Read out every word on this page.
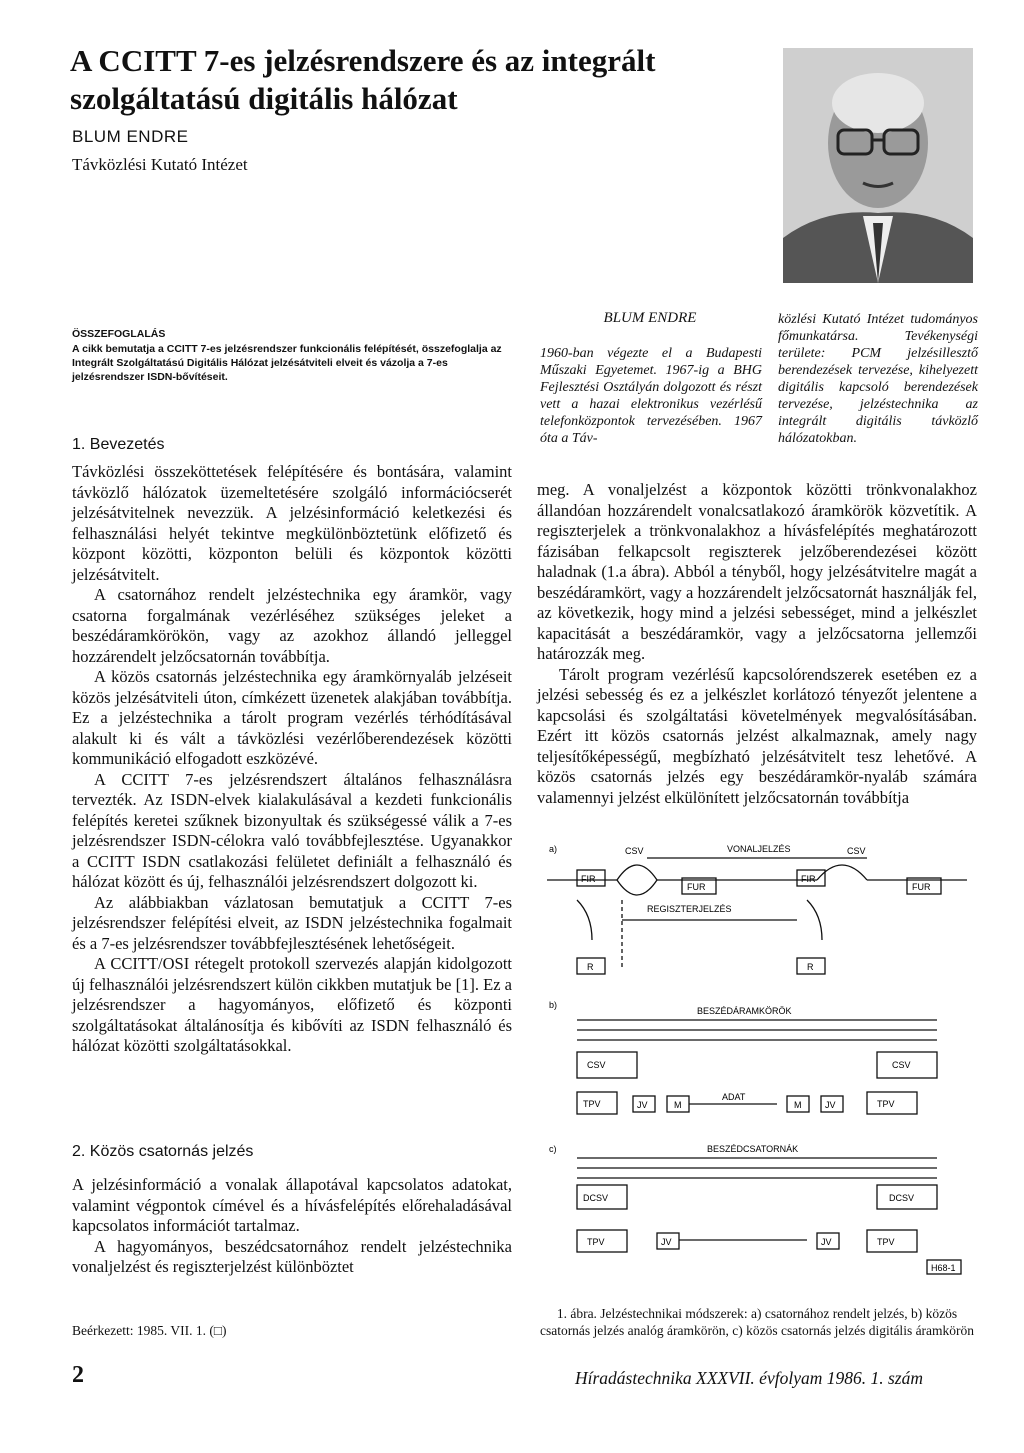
A CCITT 7-es jelzésrendszere és az integrált szolgáltatású digitális hálózat
BLUM ENDRE
Távközlési Kutató Intézet
ÖSSZEFOGLALÁS
A cikk bemutatja a CCITT 7-es jelzésrendszer funkcionális felépítését, összefoglalja az Integrált Szolgáltatású Digitális Hálózat jelzésátviteli elveit és vázolja a 7-es jelzésrendszer ISDN-bővítéseit.
BLUM ENDRE
1960-ban végezte el a Budapesti Műszaki Egyetemet. 1967-ig a BHG Fejlesztési Osztályán dolgozott és részt vett a hazai elektronikus vezérlésű telefonközpontok tervezésében. 1967 óta a Táv-
közlési Kutató Intézet tudományos főmunkatársa. Tevékenységi területe: PCM jelzésillesztő berendezések tervezése, kihelyezett digitális kapcsoló berendezések tervezése, jelzéstechnika az integrált digitális távközlő hálózatokban.
1. Bevezetés

Távközlési összeköttetések felépítésére és bontására, valamint távközlő hálózatok üzemeltetésére szolgáló információcserét jelzésátvitelnek nevezzük. A jelzésinformáció keletkezési és felhasználási helyét tekintve megkülönböztetünk előfizető és központ közötti, központon belüli és központok közötti jelzésátvitelt.

A csatornához rendelt jelzéstechnika egy áramkör, vagy csatorna forgalmának vezérléséhez szükséges jeleket a beszédáramkörökön, vagy az azokhoz állandó jelleggel hozzárendelt jelzőcsatornán továbbítja.

A közös csatornás jelzéstechnika egy áramkörnyaláb jelzéseit közös jelzésátviteli úton, címkézett üzenetek alakjában továbbítja. Ez a jelzéstechnika a tárolt program vezérlés térhódításával alakult ki és vált a távközlési vezérlőberendezések közötti kommunikáció elfogadott eszközévé.

A CCITT 7-es jelzésrendszert általános felhasználásra tervezték. Az ISDN-elvek kialakulásával a kezdeti funkcionális felépítés keretei szűknek bizonyultak és szükségessé válik a 7-es jelzésrendszer ISDN-célokra való továbbfejlesztése. Ugyanakkor a CCITT ISDN csatlakozási felületet definiált a felhasználó és hálózat között és új, felhasználói jelzésrendszert dolgozott ki.

Az alábbiakban vázlatosan bemutatjuk a CCITT 7-es jelzésrendszer felépítési elveit, az ISDN jelzéstechnika fogalmait és a 7-es jelzésrendszer továbbfejlesztésének lehetőségeit.

A CCITT/OSI rétegelt protokoll szervezés alapján kidolgozott új felhasználói jelzésrendszert külön cikkben mutatjuk be [1]. Ez a jelzésrendszer a hagyományos, előfizető és központi szolgáltatásokat általánosítja és kibővíti az ISDN felhasználó és hálózat közötti szolgáltatásokkal.

2. Közös csatornás jelzés

A jelzésinformáció a vonalak állapotával kapcsolatos adatokat, valamint végpontok címével és a hívásfelépítés előrehaladásával kapcsolatos információt tartalmaz.

A hagyományos, beszédcsatornához rendelt jelzéstechnika vonaljelzést és regiszterjelzést különböztet

meg. A vonaljelzést a központok közötti trönkvonalakhoz állandóan hozzárendelt vonalcsatlakozó áramkörök közvetítik. A regiszterjelek a trönkvonalakhoz a hívásfelépítés meghatározott fázisában felkapcsolt regiszterek jelzőberendezései között haladnak (1.a ábra). Abból a tényből, hogy jelzésátvitelre magát a beszédáramkört, vagy a hozzárendelt jelzőcsatornát használják fel, az következik, hogy mind a jelzési sebességet, mind a jelkészlet kapacitását a beszédáramkör, vagy a jelzőcsatorna jellemzői határozzák meg.

Tárolt program vezérlésű kapcsolórendszerek esetében ez a jelzési sebesség és ez a jelkészlet korlátozó tényezőt jelentene a kapcsolási és szolgáltatási követelmények megvalósításában. Ezért itt közös csatornás jelzést alkalmaznak, amely nagy teljesítőképességű, megbízható jelzésátvitelt tesz lehetővé. A közös csatornás jelzés egy beszédáramkör-nyaláb számára valamennyi jelzést elkülönített jelzőcsatornán továbbítja

a)	CSV	VONALJELZÉS	CSV
FIR
FUR
FIR
FUR
REGISZTERJELZÉS
R	R
b)
BESZÉDÁRAMKÖRÖK
CSV	CSV
TPV	JV	M
ADAT
M	JV	TPV
c)	BESZÉDCSATORNÁK
DCSV	DCSV
TPV	JV	JV	TPV
H68-1
1. ábra. Jelzéstechnikai módszerek: a) csatornához rendelt jelzés, b) közös csatornás jelzés analóg áramkörön, c) közös csatornás jelzés digitális áramkörön
Beérkezett: 1985. VII. 1. (□)
2	Híradástechnika XXXVII. évfolyam 1986. 1. szám
